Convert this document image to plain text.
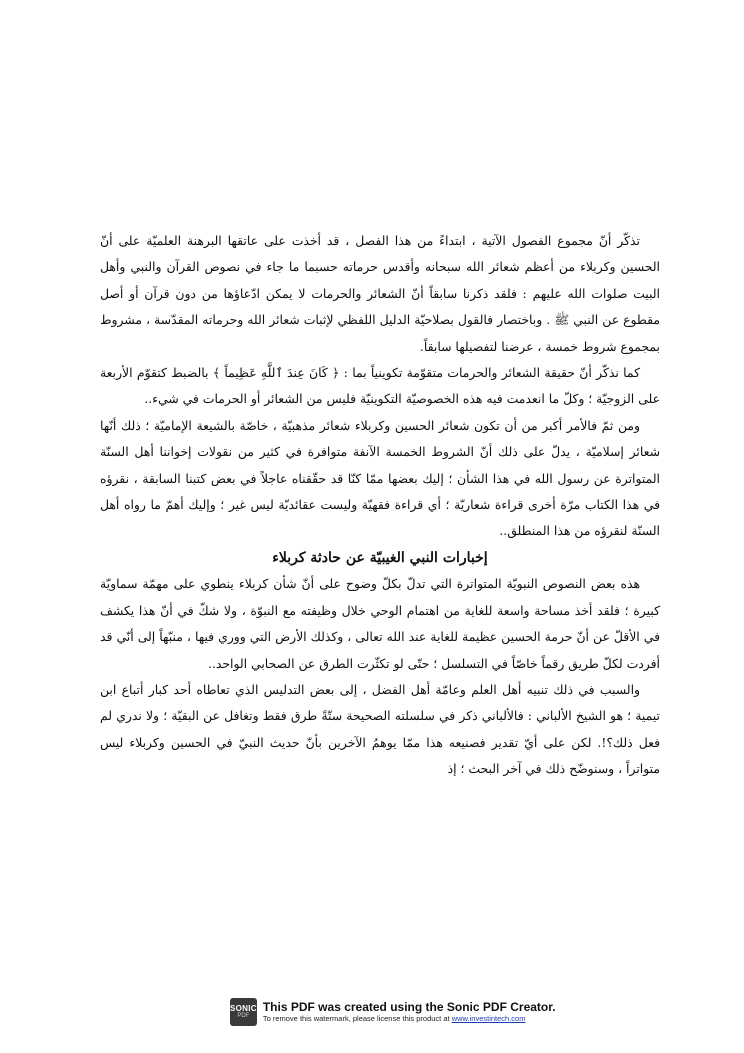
تذكّر أنّ مجموع الفصول الآتية ، ابتداءً من هذا الفصل ، قد أخذت على عاتقها البرهنة العلميّة على أنّ الحسين وكربلاء من أعظم شعائر الله سبحانه وأقدس حرماته حسبما ما جاء في نصوص القرآن والنبي وأهل البيت صلوات الله عليهم : فلقد ذكرنا سابقاً أنّ الشعائر والحرمات لا يمكن ادّعاؤها من دون قرآن أو أصل مقطوع عن النبي ﷺ . وباختصار فالقول بصلاحيّة الدليل اللفظي لإثبات شعائر الله وحرماته المقدّسة ، مشروط بمجموع شروط خمسة ، عرضنا لتفصيلها سابقاً.

كما نذكّر أنّ حقيقة الشعائر والحرمات متقوّمة تكوينياً بما : ﴿ كَانَ عِندَ ٱللَّهِ عَظِيماً ﴾ بالضبط كتقوّم الأربعة على الزوجيّة ؛ وكلّ ما انعدمت فيه هذه الخصوصيّة التكوينيّة فليس من الشعائر أو الحرمات في شيء..

ومن ثمّ فالأمر أكبر من أن تكون شعائر الحسين وكربلاء شعائر مذهبيّة ، خاصّة بالشيعة الإماميّة ؛ ذلك أنّها شعائر إسلاميّة ، يدلّ على ذلك أنّ الشروط الخمسة الآنفة متوافرة في كثير من نقولات إخواننا أهل السنّة المتواترة عن رسول الله في هذا الشأن ؛ إليك بعضها ممّا كنّا قد حقّقناه عاجلاً في بعض كتبنا السابقة ، نقرؤه في هذا الكتاب مرّة أخرى قراءة شعاريّة ؛ أي قراءة فقهيّة وليست عقائديّة ليس غير ؛ وإليك أهمّ ما رواه أهل السنّة لنقرؤه من هذا المنطلق..

إخبارات النبي الغيبيّة عن حادثة كربلاء

هذه بعض النصوص النبويّة المتواترة التي تدلّ بكلّ وضوح على أنّ شأن كربلاء ينطوي على مهمّة سماويّة كبيرة ؛ فلقد أخذ مساحة واسعة للغاية من اهتمام الوحي خلال وظيفته مع النبوّة ، ولا شكّ في أنّ هذا يكشف في الأقلّ عن أنّ حرمة الحسين عظيمة للغاية عند الله تعالى ، وكذلك الأرض التي ووري فيها ، منبّهاً إلى أنّي قد أفردت لكلّ طريق رقماً خاصّاً في التسلسل ؛ حتّى لو تكثّرت الطرق عن الصحابي الواحد..

والسبب في ذلك تنبيه أهل العلم وعامّة أهل الفضل ، إلى بعض التدليس الذي تعاطاه أحد كبار أتباع ابن تيمية ؛ هو الشيخ الألباني : فالألباني ذكر في سلسلته الصحيحة ستّةً طرق فقط وتغافل عن البقيّة ؛ ولا ندري لم فعل ذلك؟!. لكن على أيّ تقدير فصنيعه هذا ممّا يوهمُ الآخرين بأنّ حديث النبيّ في الحسين وكربلاء ليس متواتراً ، وسنوضّح ذلك في آخر البحث ؛ إذ

SONIC
PDF
This PDF was created using the Sonic PDF Creator.
To remove this watermark, please license this product at www.investintech.com
